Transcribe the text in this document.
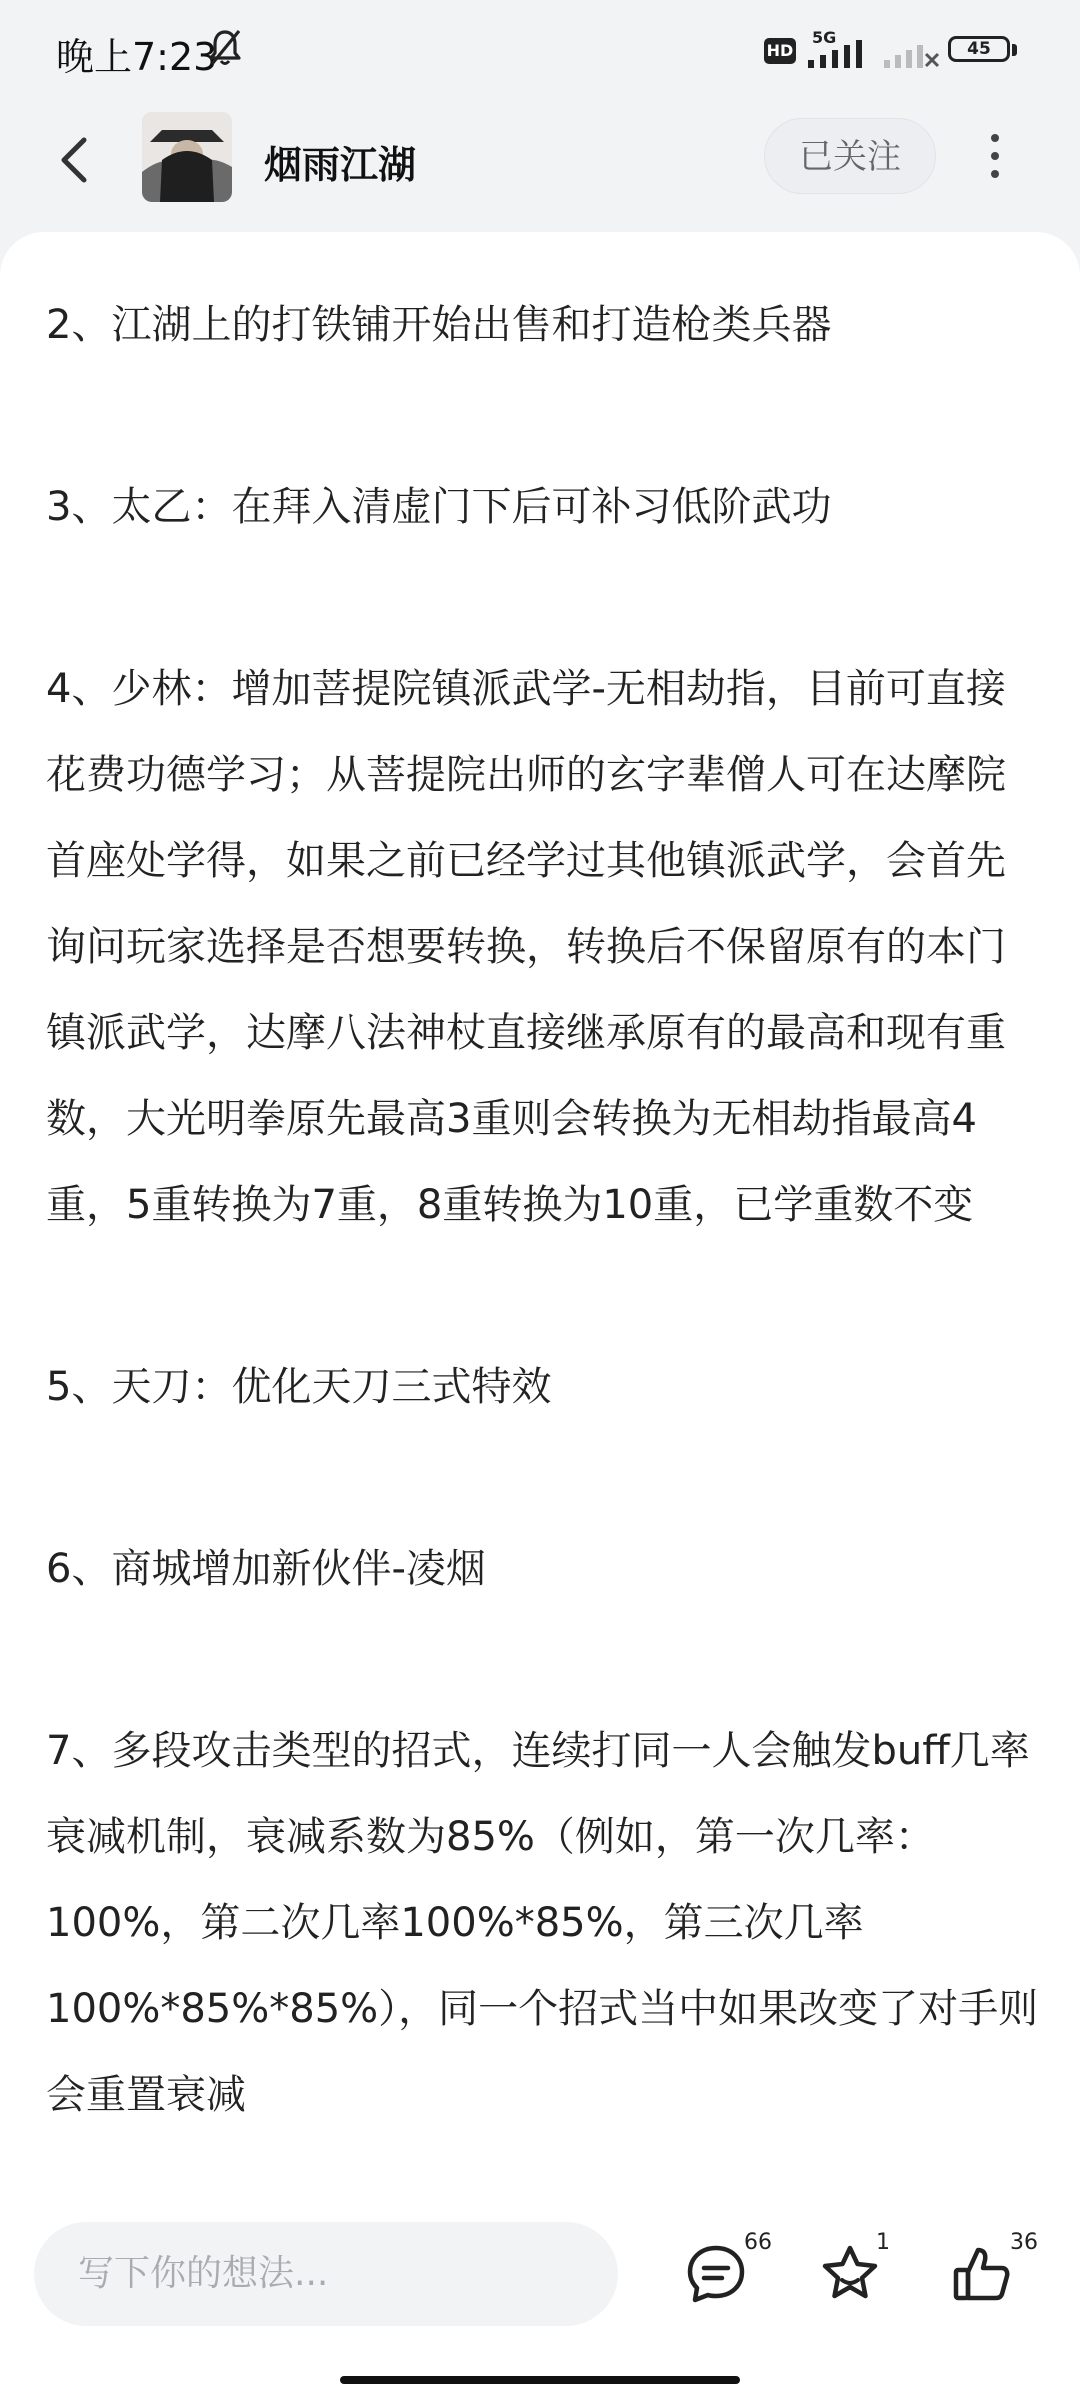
晚上7:23	HD
5G
45
烟雨江湖	已关注

2、江湖上的打铁铺开始出售和打造枪类兵器

3、太乙：在拜入清虚门下后可补习低阶武功

4、少林：增加菩提院镇派武学-无相劫指，目前可直接花费功德学习；从菩提院出师的玄字辈僧人可在达摩院首座处学得，如果之前已经学过其他镇派武学，会首先询问玩家选择是否想要转换，转换后不保留原有的本门镇派武学，达摩八法神杖直接继承原有的最高和现有重数，大光明拳原先最高3重则会转换为无相劫指最高4重，5重转换为7重，8重转换为10重，已学重数不变

5、天刀：优化天刀三式特效

6、商城增加新伙伴-凌烟

7、多段攻击类型的招式，连续打同一人会触发buff几率衰减机制，衰减系数为85%（例如，第一次几率：100%，第二次几率100%*85%，第三次几率100%*85%*85%），同一个招式当中如果改变了对手则会重置衰减

写下你的想法...
66	1	36
